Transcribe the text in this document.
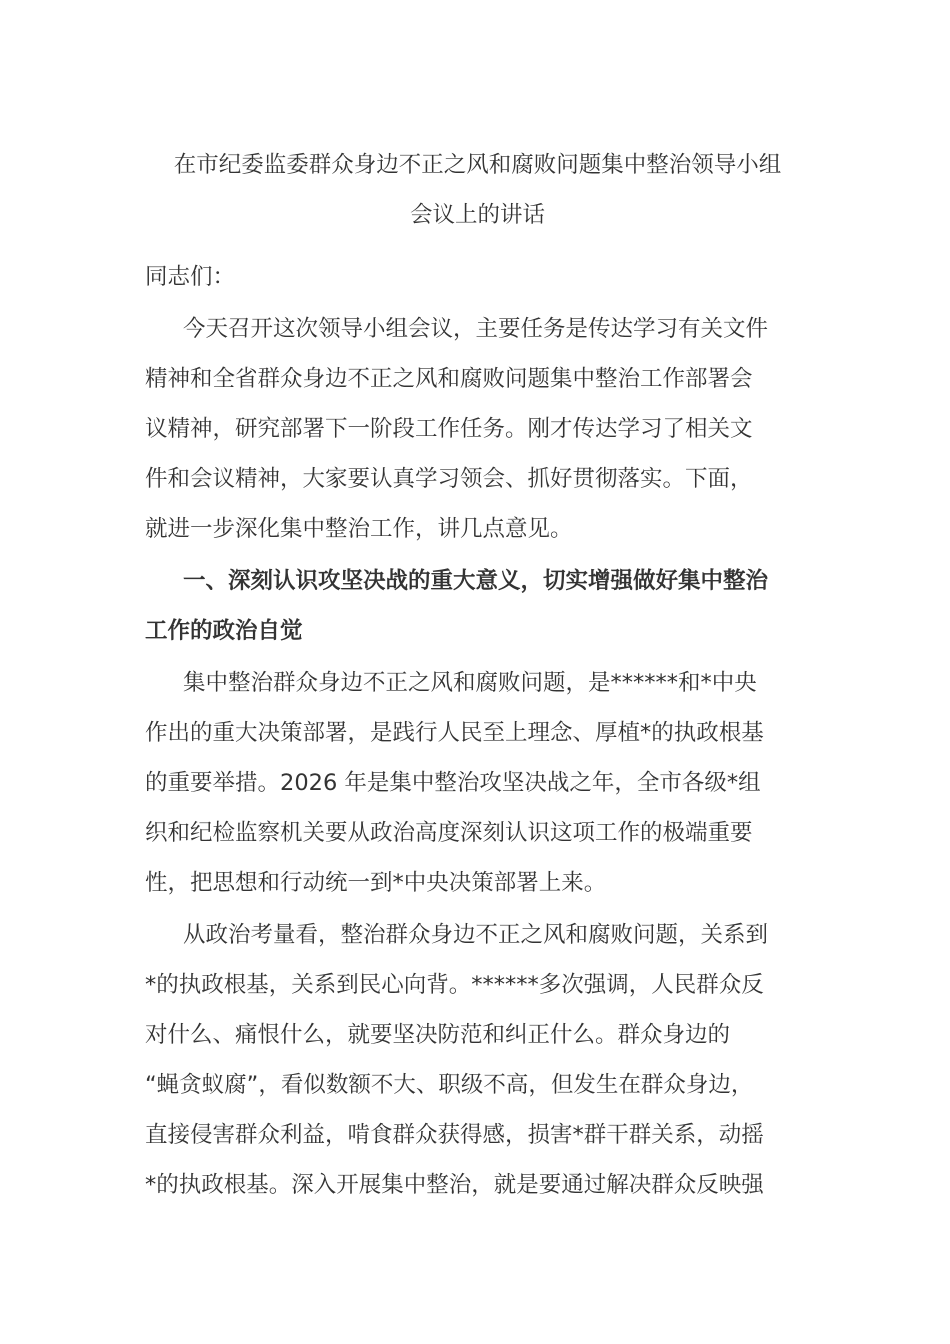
在市纪委监委群众身边不正之风和腐败问题集中整治领导小组
会议上的讲话
同志们：
今天召开这次领导小组会议，主要任务是传达学习有关文件
精神和全省群众身边不正之风和腐败问题集中整治工作部署会
议精神，研究部署下一阶段工作任务。刚才传达学习了相关文
件和会议精神，大家要认真学习领会、抓好贯彻落实。下面，
就进一步深化集中整治工作，讲几点意见。
一、深刻认识攻坚决战的重大意义，切实增强做好集中整治
工作的政治自觉
集中整治群众身边不正之风和腐败问题，是******和*中央
作出的重大决策部署，是践行人民至上理念、厚植*的执政根基
的重要举措。2026 年是集中整治攻坚决战之年，全市各级*组
织和纪检监察机关要从政治高度深刻认识这项工作的极端重要
性，把思想和行动统一到*中央决策部署上来。
从政治考量看，整治群众身边不正之风和腐败问题，关系到
*的执政根基，关系到民心向背。******多次强调，人民群众反
对什么、痛恨什么，就要坚决防范和纠正什么。群众身边的
“蝇贪蚁腐”，看似数额不大、职级不高，但发生在群众身边，
直接侵害群众利益，啃食群众获得感，损害*群干群关系，动摇
*的执政根基。深入开展集中整治，就是要通过解决群众反映强
